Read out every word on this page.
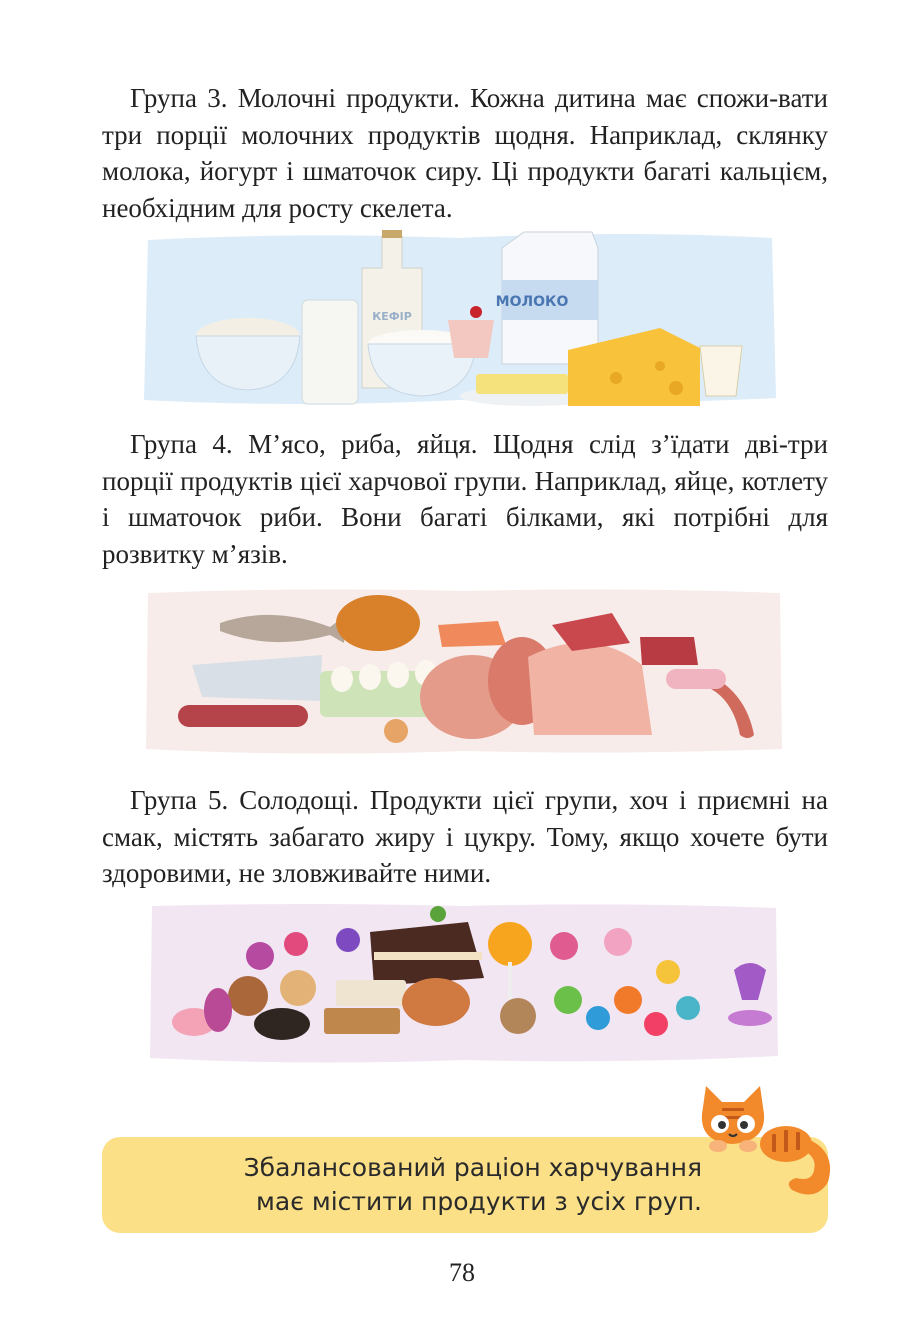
Група 3. Молочні продукти. Кожна дитина має спожи-вати три порції молочних продуктів щодня. Наприклад, склянку молока, йогурт і шматочок сиру. Ці продукти багаті кальцієм, необхідним для росту скелета.

КЕФІР
МОЛОКО

Група 4. М’ясо, риба, яйця. Щодня слід з’їдати дві-три порції продуктів цієї харчової групи. Наприклад, яйце, котлету і шматочок риби. Вони багаті білками, які потрібні для розвитку м’язів.

Група 5. Солодощі. Продукти цієї групи, хоч і приємні на смак, містять забагато жиру і цукру. Тому, якщо хочете бути здоровими, не зловживайте ними.

Збалансований раціон харчування
має містити продукти з усіх груп.
78
